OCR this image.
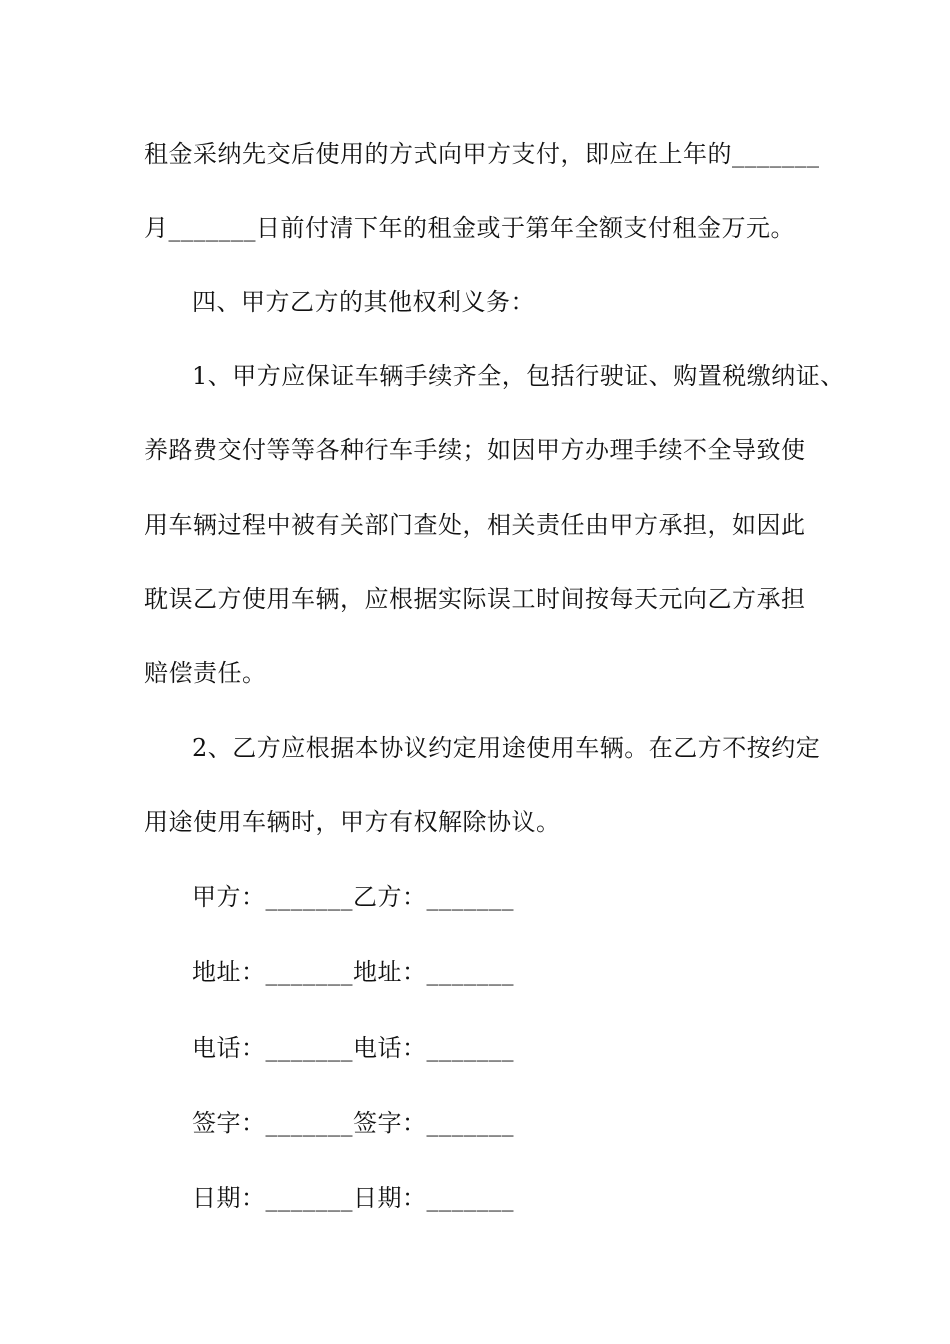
租金采纳先交后使用的方式向甲方支付，即应在上年的_______
月_______日前付清下年的租金或于第年全额支付租金万元。
四、甲方乙方的其他权利义务：
1、甲方应保证车辆手续齐全，包括行驶证、购置税缴纳证、
养路费交付等等各种行车手续；如因甲方办理手续不全导致使
用车辆过程中被有关部门查处，相关责任由甲方承担，如因此
耽误乙方使用车辆，应根据实际误工时间按每天元向乙方承担
赔偿责任。
2、乙方应根据本协议约定用途使用车辆。在乙方不按约定
用途使用车辆时，甲方有权解除协议。
甲方：_______乙方：_______
地址：_______地址：_______
电话：_______电话：_______
签字：_______签字：_______
日期：_______日期：_______
